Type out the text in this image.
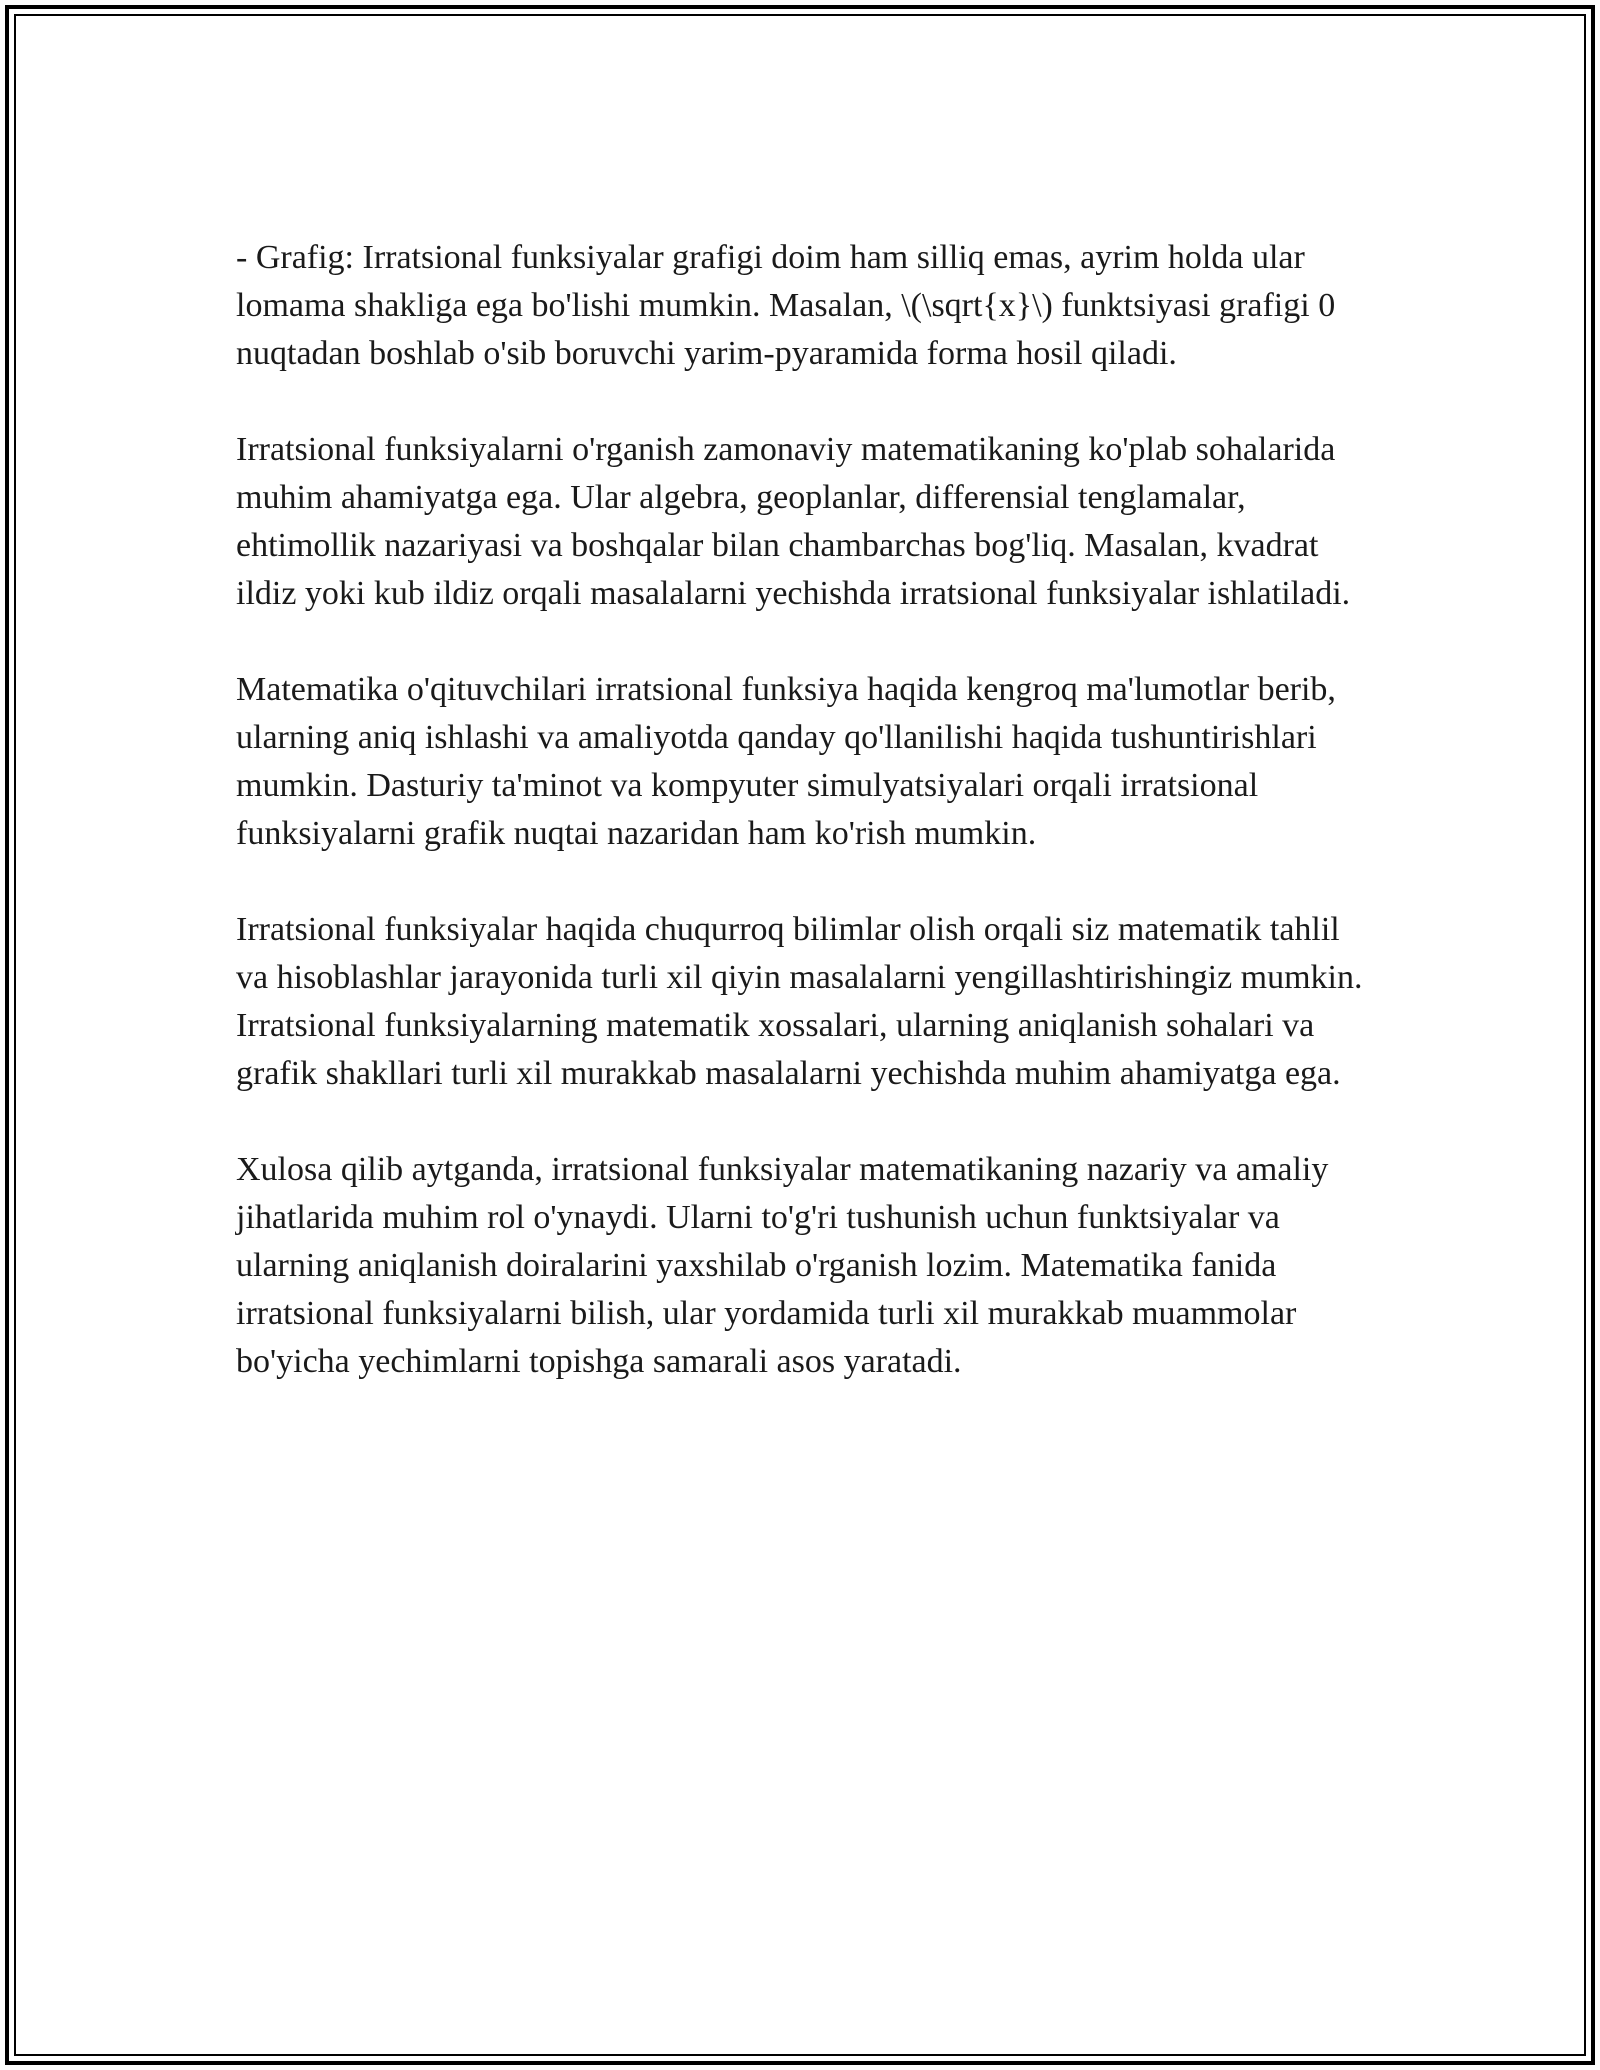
- Grafig: Irratsional funksiyalar grafigi doim ham silliq emas, ayrim holda ular lomama shakliga ega bo'lishi mumkin. Masalan, \(\sqrt{x}\) funktsiyasi grafigi 0 nuqtadan boshlab o'sib boruvchi yarim-pyaramida forma hosil qiladi.

Irratsional funksiyalarni o'rganish zamonaviy matematikaning ko'plab sohalarida muhim ahamiyatga ega. Ular algebra, geoplanlar, differensial tenglamalar, ehtimollik nazariyasi va boshqalar bilan chambarchas bog'liq. Masalan, kvadrat ildiz yoki kub ildiz orqali masalalarni yechishda irratsional funksiyalar ishlatiladi.

Matematika o'qituvchilari irratsional funksiya haqida kengroq ma'lumotlar berib, ularning aniq ishlashi va amaliyotda qanday qo'llanilishi haqida tushuntirishlari mumkin. Dasturiy ta'minot va kompyuter simulyatsiyalari orqali irratsional funksiyalarni grafik nuqtai nazaridan ham ko'rish mumkin.

Irratsional funksiyalar haqida chuqurroq bilimlar olish orqali siz matematik tahlil va hisoblashlar jarayonida turli xil qiyin masalalarni yengillashtirishingiz mumkin. Irratsional funksiyalarning matematik xossalari, ularning aniqlanish sohalari va grafik shakllari turli xil murakkab masalalarni yechishda muhim ahamiyatga ega.

Xulosa qilib aytganda, irratsional funksiyalar matematikaning nazariy va amaliy jihatlarida muhim rol o'ynaydi. Ularni to'g'ri tushunish uchun funktsiyalar va ularning aniqlanish doiralarini yaxshilab o'rganish lozim. Matematika fanida irratsional funksiyalarni bilish, ular yordamida turli xil murakkab muammolar bo'yicha yechimlarni topishga samarali asos yaratadi.
